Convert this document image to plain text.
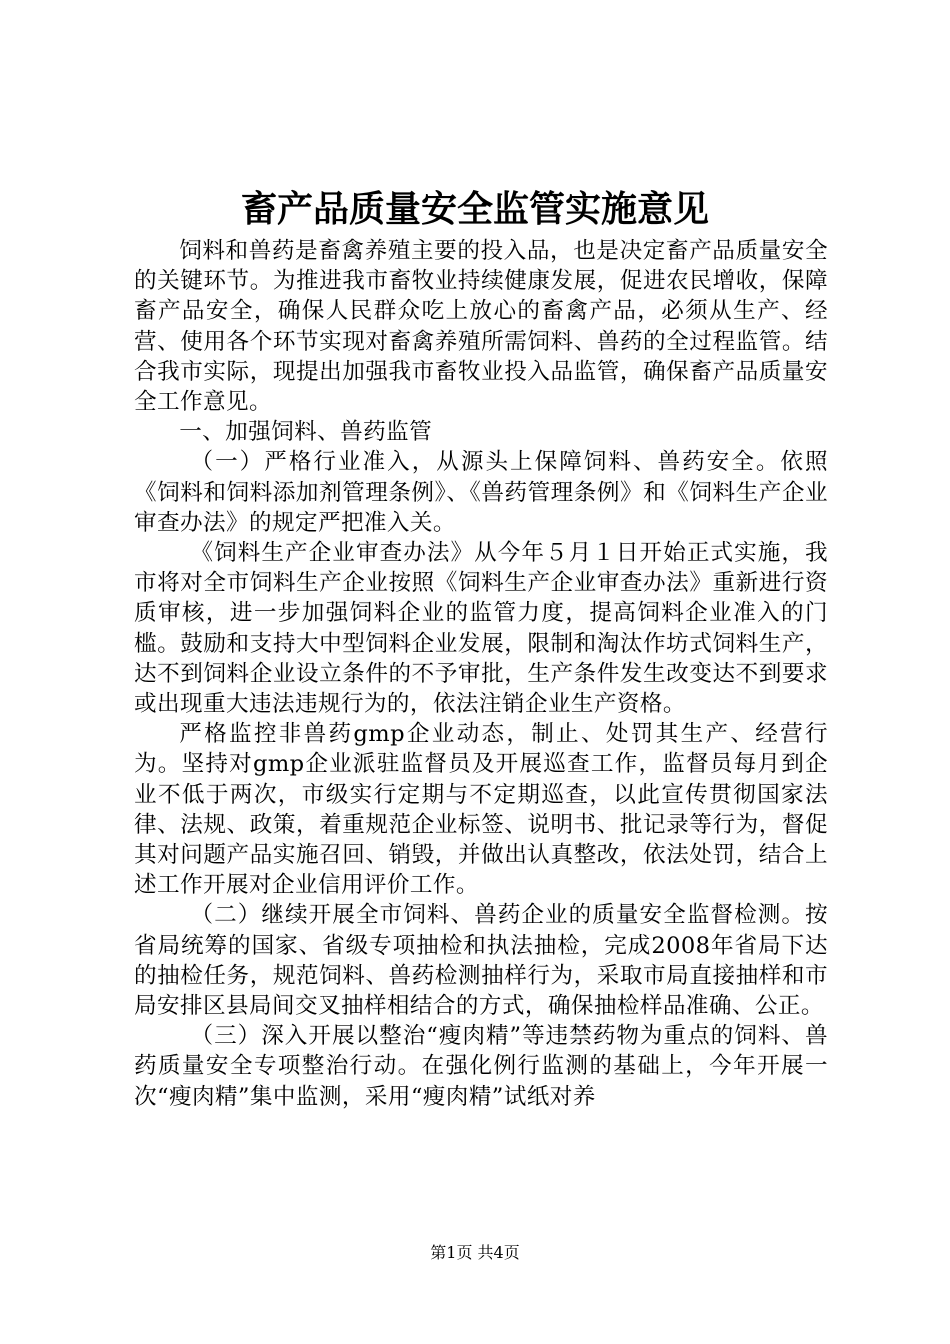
畜产品质量安全监管实施意见

饲料和兽药是畜禽养殖主要的投入品，也是决定畜产品质量安全的关键环节。为推进我市畜牧业持续健康发展，促进农民增收，保障畜产品安全，确保人民群众吃上放心的畜禽产品，必须从生产、经营、使用各个环节实现对畜禽养殖所需饲料、兽药的全过程监管。结合我市实际，现提出加强我市畜牧业投入品监管，确保畜产品质量安全工作意见。

一、加强饲料、兽药监管

（一）严格行业准入，从源头上保障饲料、兽药安全。依照《饲料和饲料添加剂管理条例》、《兽药管理条例》和《饲料生产企业审查办法》的规定严把准入关。

《饲料生产企业审查办法》从今年５月１日开始正式实施，我市将对全市饲料生产企业按照《饲料生产企业审查办法》重新进行资质审核，进一步加强饲料企业的监管力度，提高饲料企业准入的门槛。鼓励和支持大中型饲料企业发展，限制和淘汰作坊式饲料生产，达不到饲料企业设立条件的不予审批，生产条件发生改变达不到要求或出现重大违法违规行为的，依法注销企业生产资格。

严格监控非兽药gmp企业动态，制止、处罚其生产、经营行为。坚持对gmp企业派驻监督员及开展巡查工作，监督员每月到企业不低于两次，市级实行定期与不定期巡查，以此宣传贯彻国家法律、法规、政策，着重规范企业标签、说明书、批记录等行为，督促其对问题产品实施召回、销毁，并做出认真整改，依法处罚，结合上述工作开展对企业信用评价工作。

（二）继续开展全市饲料、兽药企业的质量安全监督检测。按省局统筹的国家、省级专项抽检和执法抽检，完成2008年省局下达的抽检任务，规范饲料、兽药检测抽样行为，采取市局直接抽样和市局安排区县局间交叉抽样相结合的方式，确保抽检样品准确、公正。

（三）深入开展以整治“瘦肉精”等违禁药物为重点的饲料、兽药质量安全专项整治行动。在强化例行监测的基础上，今年开展一次“瘦肉精”集中监测，采用“瘦肉精”试纸对养

第1页 共4页
